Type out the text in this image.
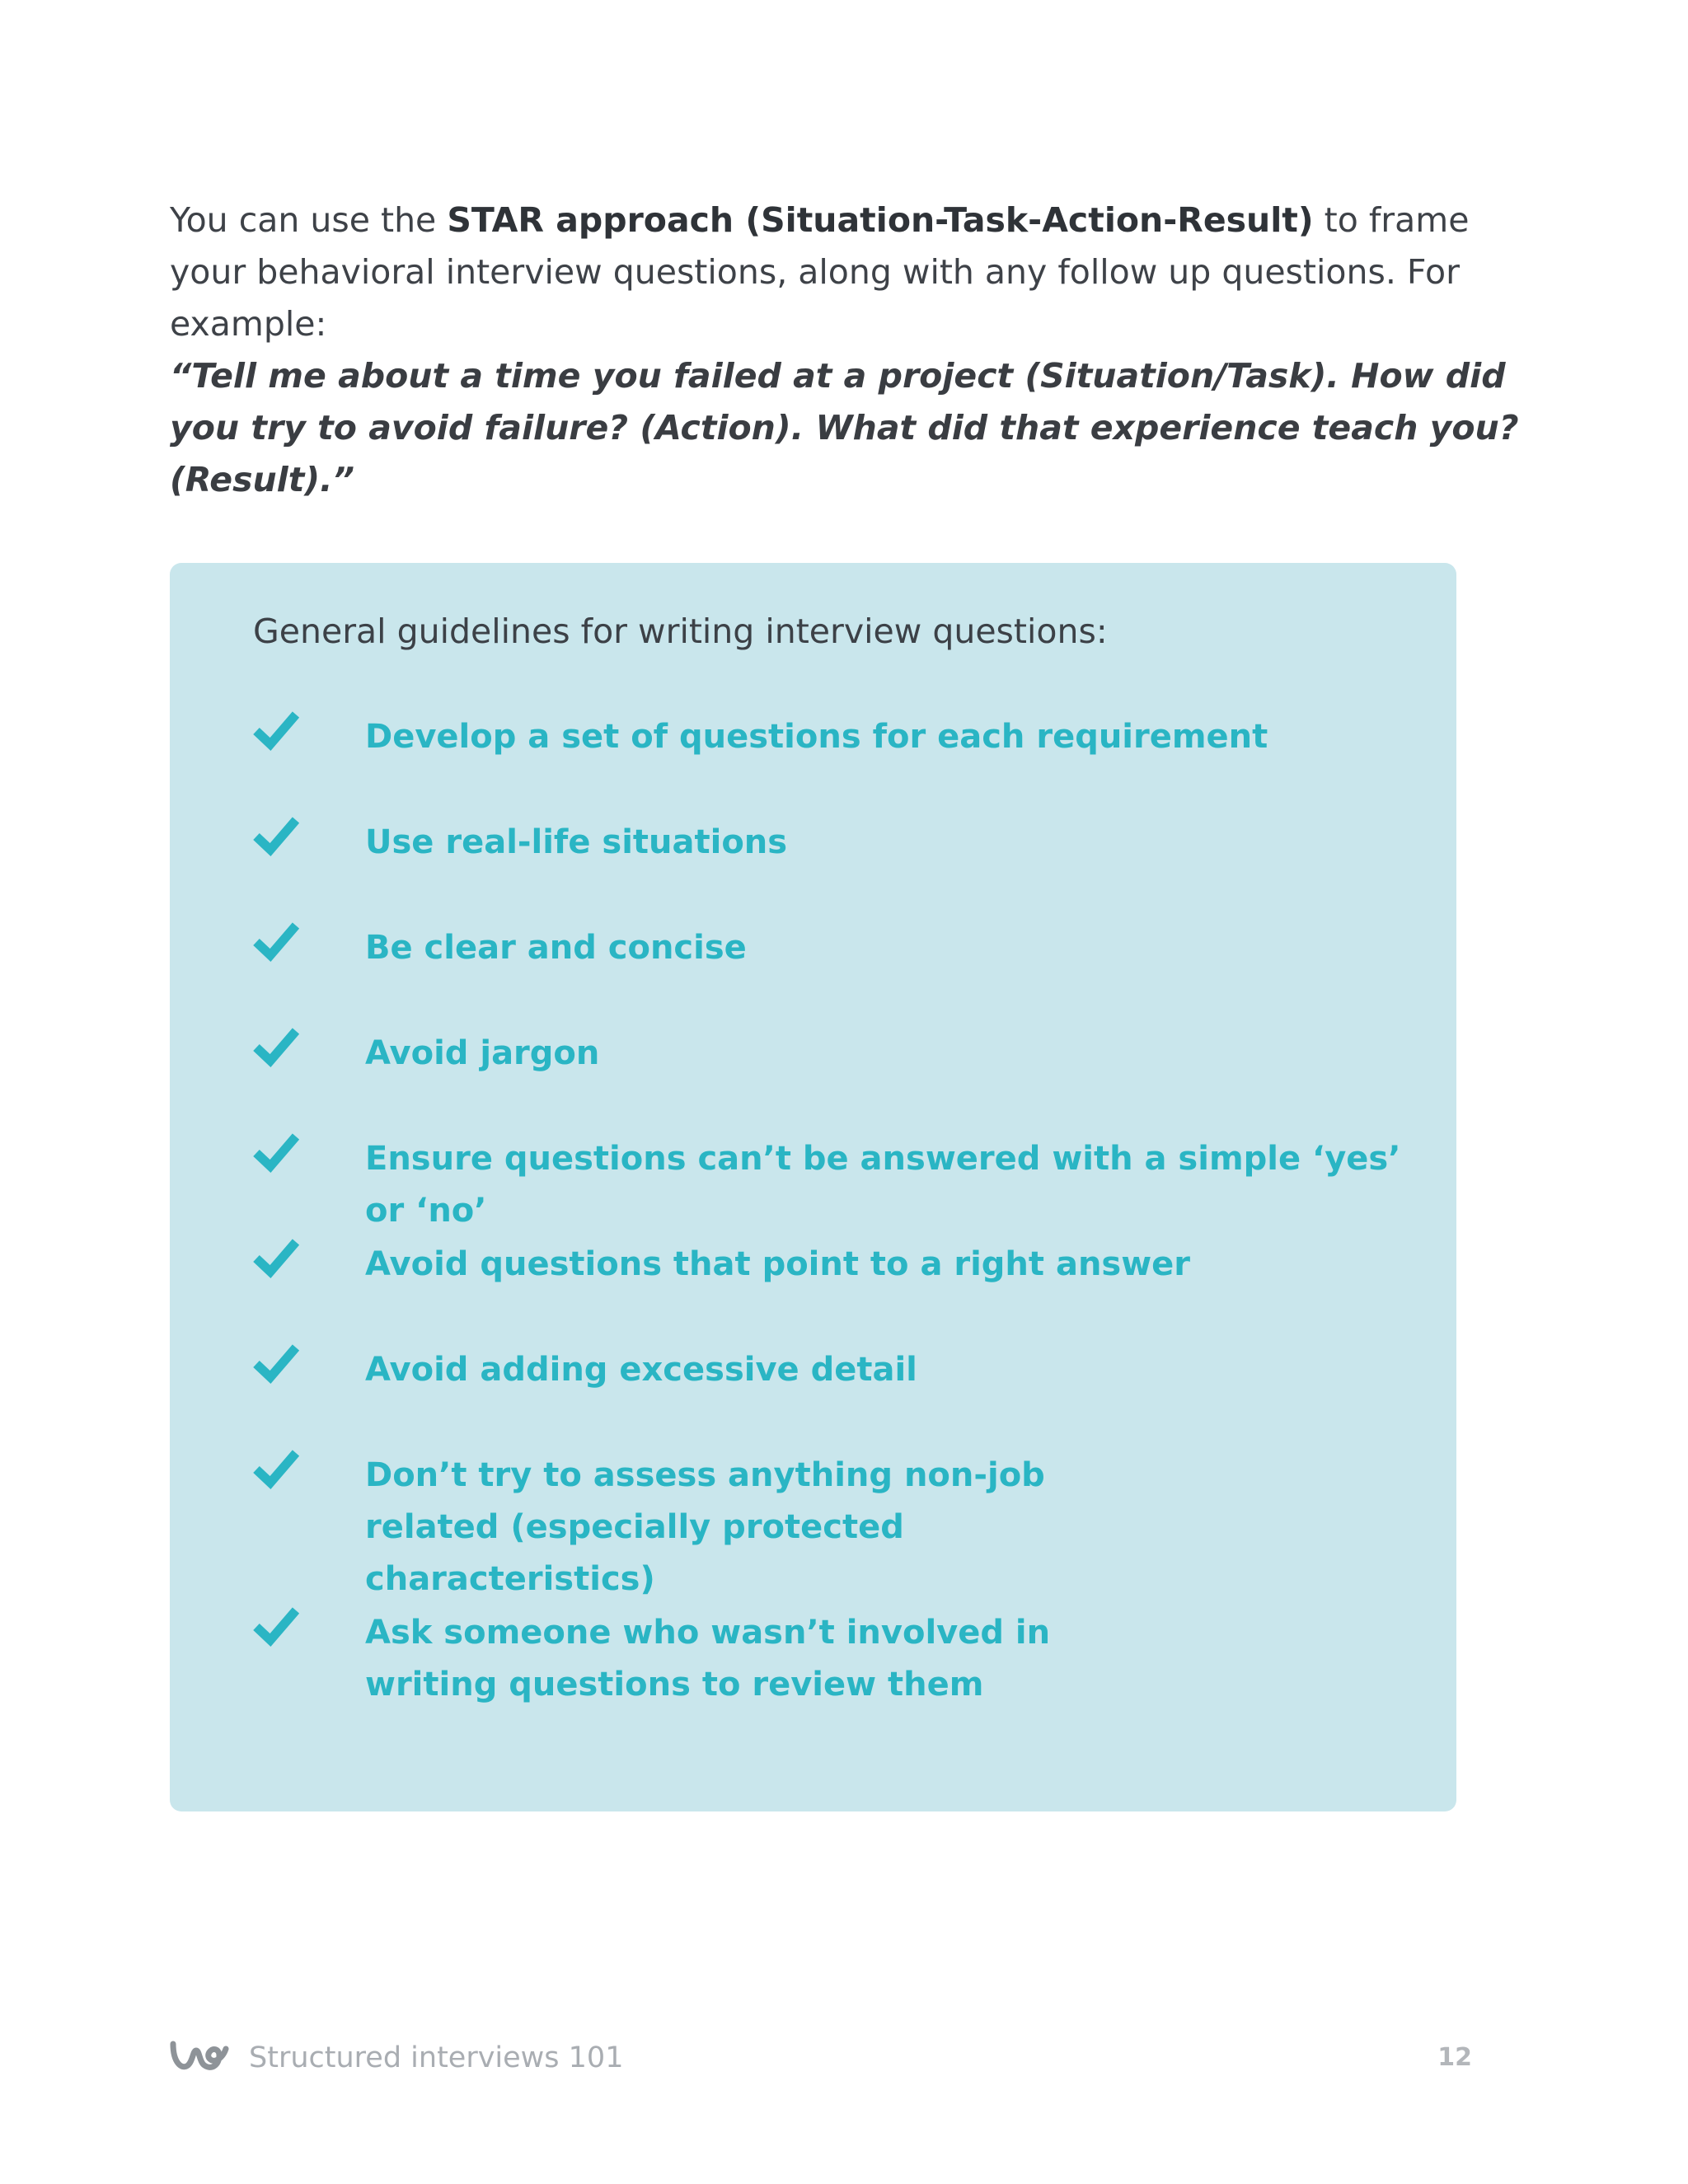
You can use the STAR approach (Situation-Task-Action-Result) to frame your behavioral interview questions, along with any follow up questions. For example:

“Tell me about a time you failed at a project (Situation/Task). How did you try to avoid failure? (Action). What did that experience teach you? (Result).”

General guidelines for writing interview questions:

Develop a set of questions for each requirement
Use real-life situations
Be clear and concise
Avoid jargon
Ensure questions can’t be answered with a simple ‘yes’ or ‘no’
Avoid questions that point to a right answer
Avoid adding excessive detail
Don’t try to assess anything non-job related (especially protected characteristics)
Ask someone who wasn’t involved in writing questions to review them
Structured interviews 101	12
